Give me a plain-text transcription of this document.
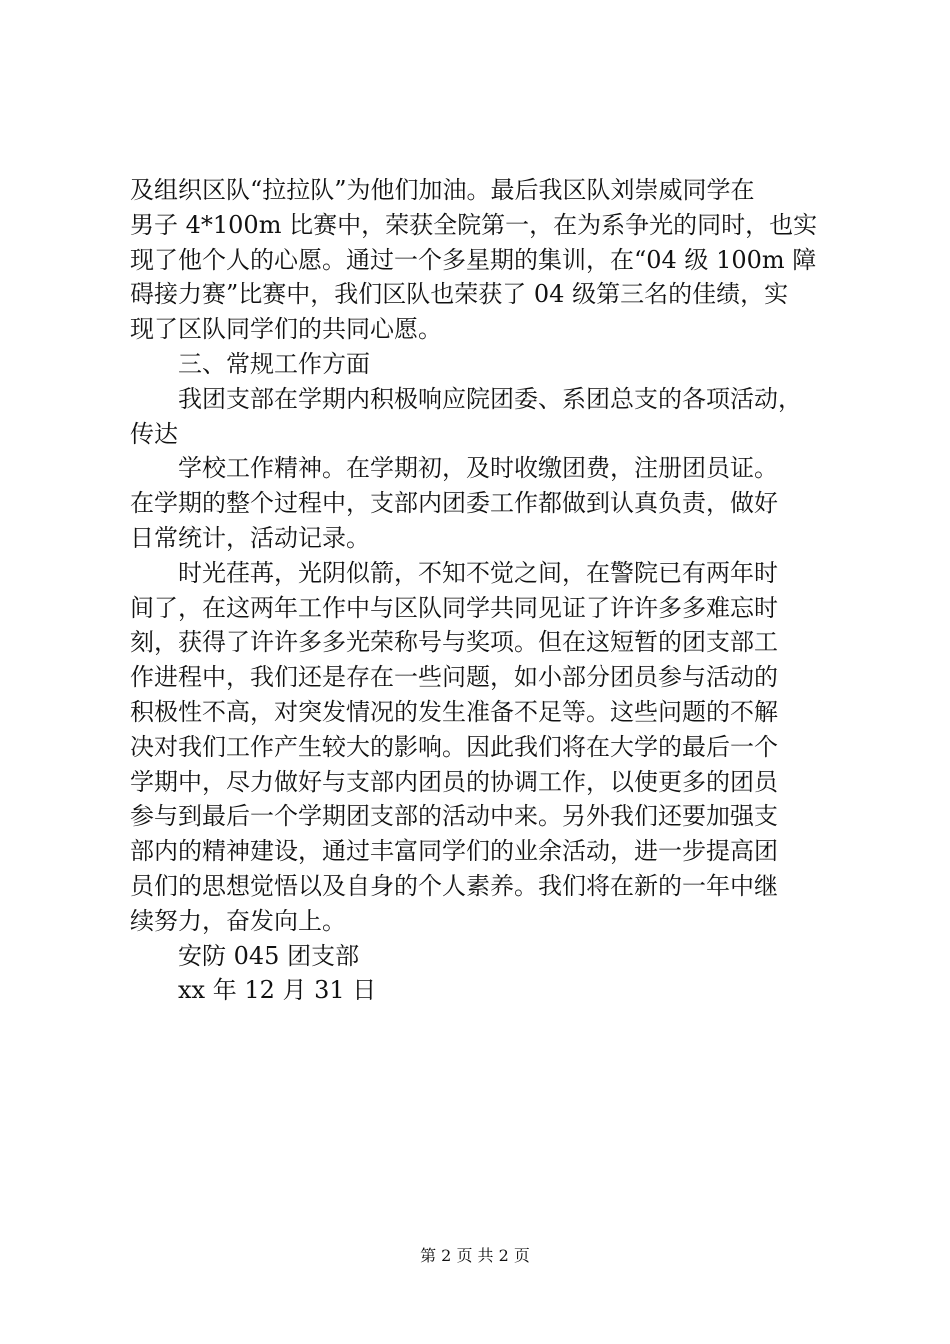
及组织区队“拉拉队”为他们加油。最后我区队刘崇威同学在
男子 4*100m 比赛中，荣获全院第一，在为系争光的同时，也实
现了他个人的心愿。通过一个多星期的集训，在“04 级 100m 障
碍接力赛”比赛中，我们区队也荣获了 04 级第三名的佳绩，实
现了区队同学们的共同心愿。
三、常规工作方面
我团支部在学期内积极响应院团委、系团总支的各项活动，
传达
学校工作精神。在学期初，及时收缴团费，注册团员证。
在学期的整个过程中，支部内团委工作都做到认真负责，做好
日常统计，活动记录。
时光荏苒，光阴似箭，不知不觉之间，在警院已有两年时
间了，在这两年工作中与区队同学共同见证了许许多多难忘时
刻，获得了许许多多光荣称号与奖项。但在这短暂的团支部工
作进程中，我们还是存在一些问题，如小部分团员参与活动的
积极性不高，对突发情况的发生准备不足等。这些问题的不解
决对我们工作产生较大的影响。因此我们将在大学的最后一个
学期中，尽力做好与支部内团员的协调工作，以使更多的团员
参与到最后一个学期团支部的活动中来。另外我们还要加强支
部内的精神建设，通过丰富同学们的业余活动，进一步提高团
员们的思想觉悟以及自身的个人素养。我们将在新的一年中继
续努力，奋发向上。
安防 045 团支部
xx 年 12 月 31 日
第 2 页 共 2 页
